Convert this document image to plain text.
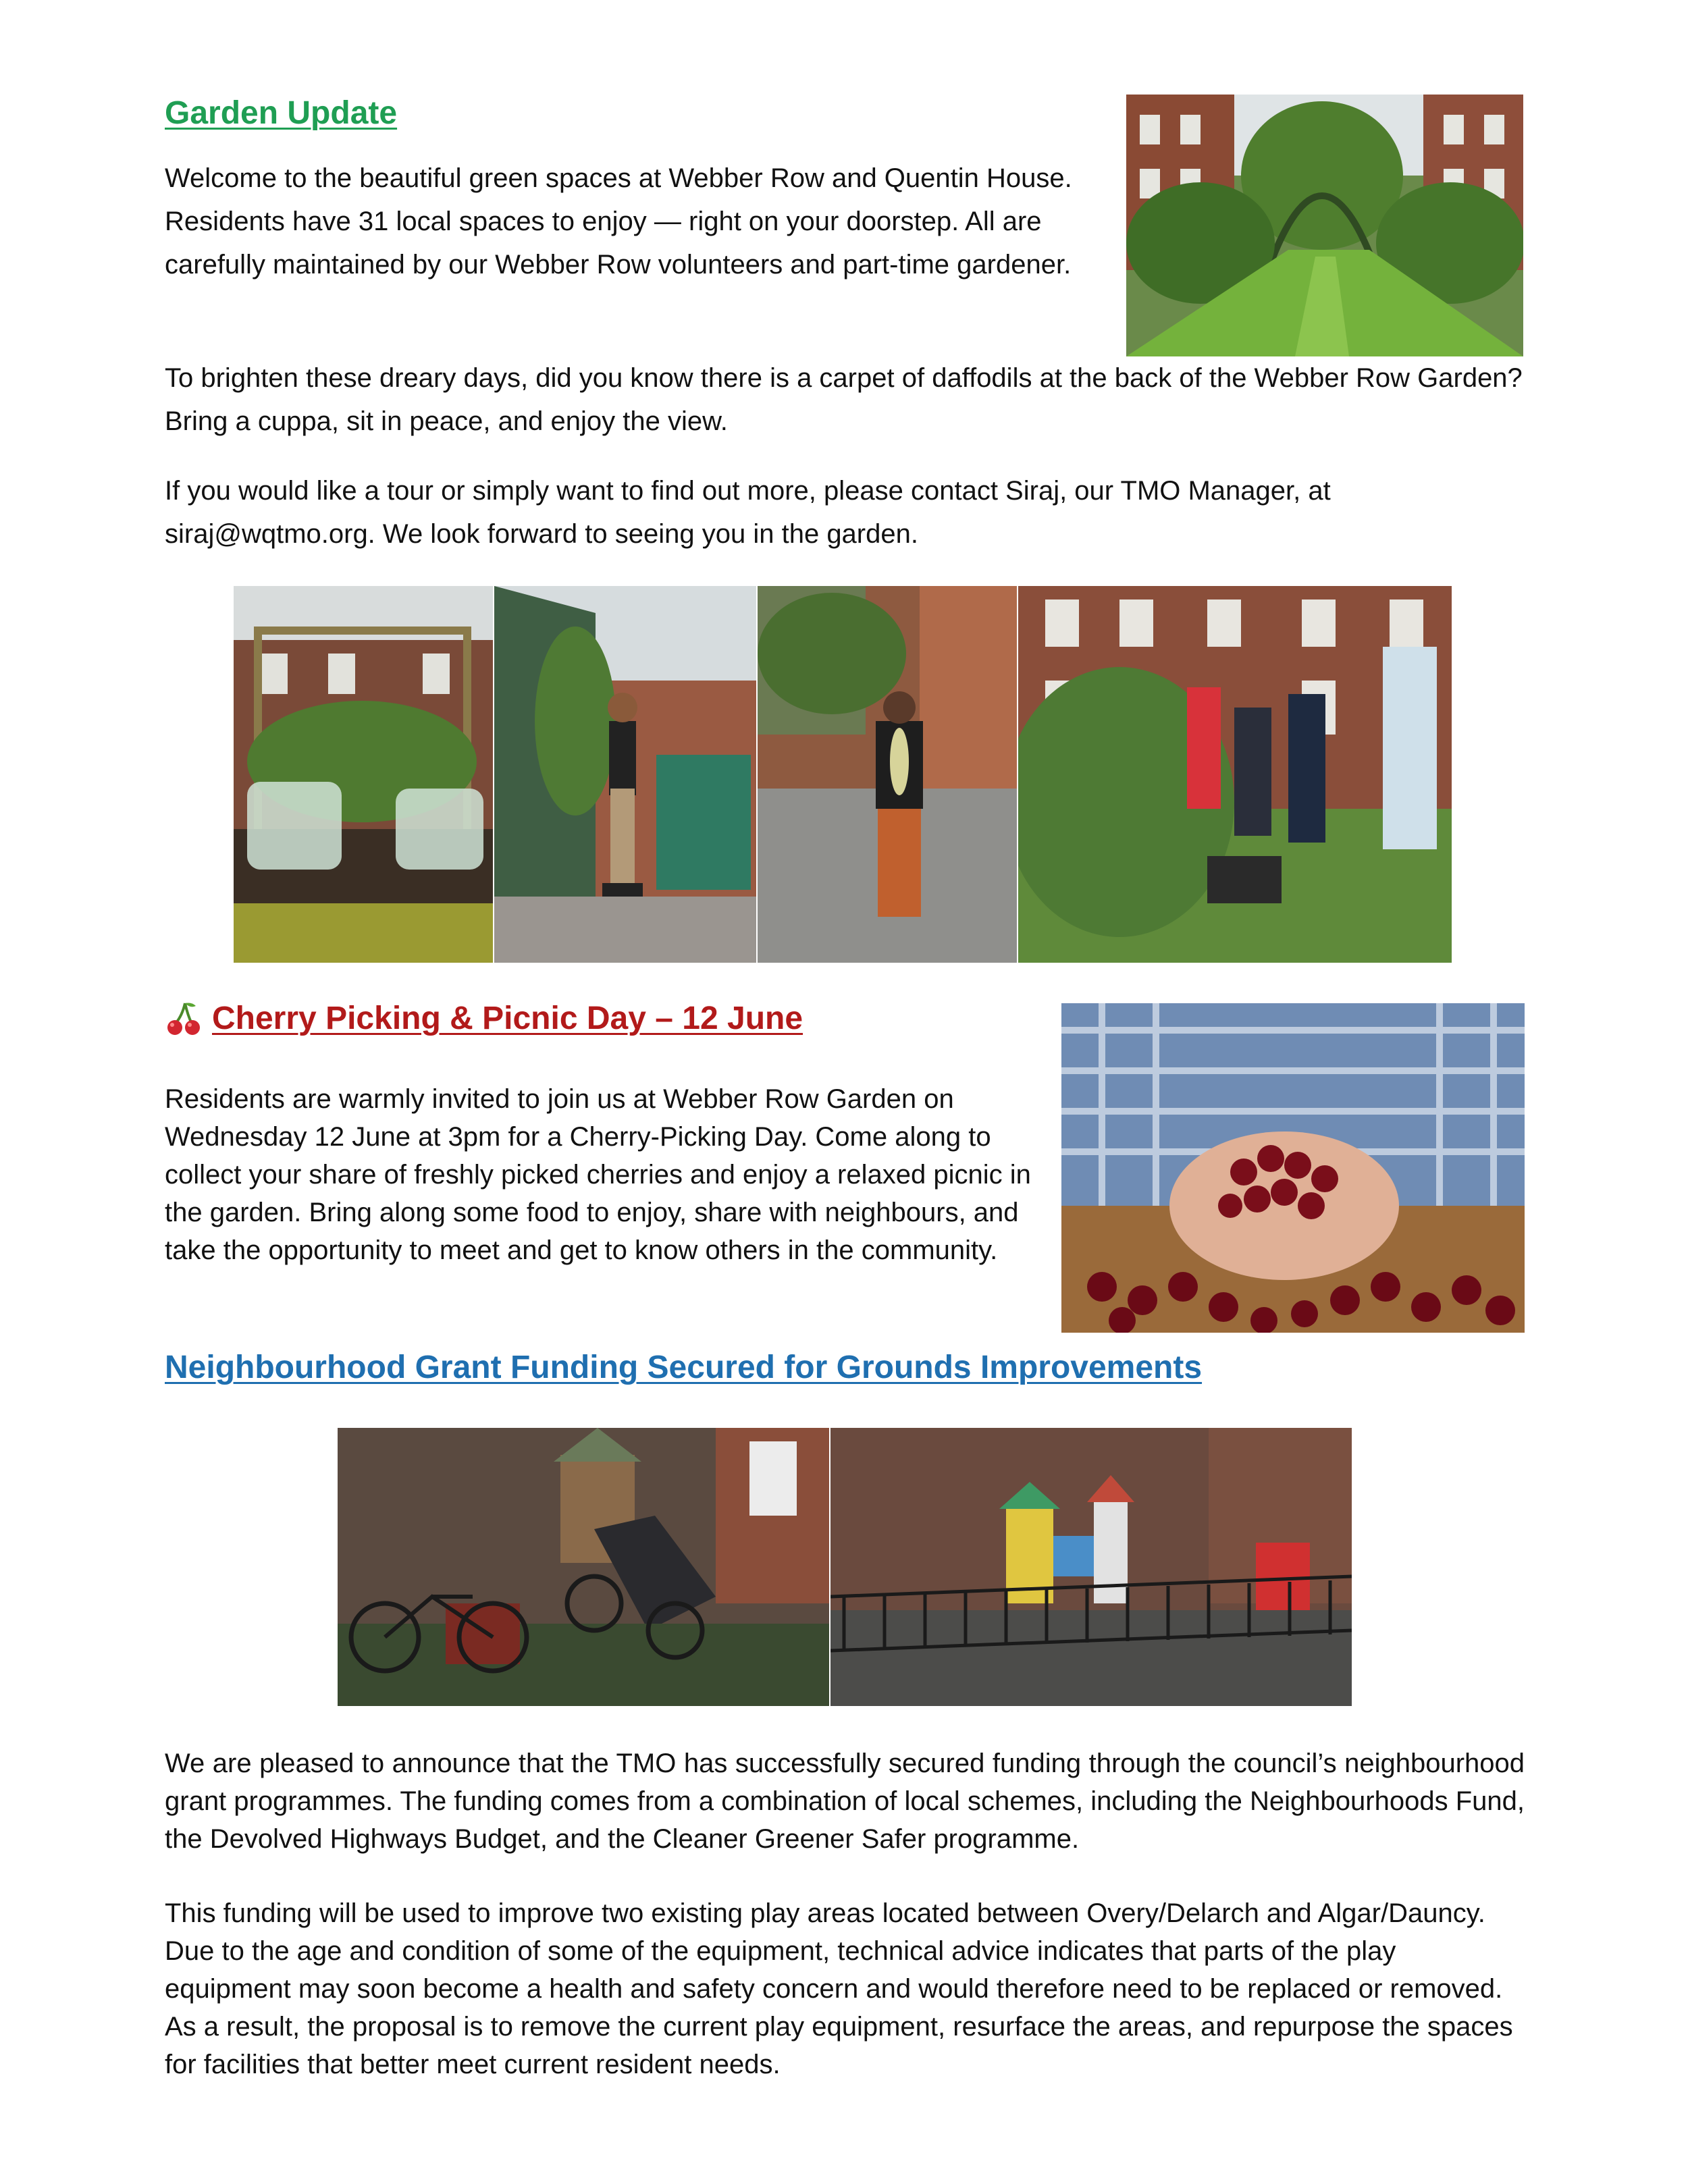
Garden Update

Welcome to the beautiful green spaces at Webber Row and Quentin House. Residents have 31 local spaces to enjoy — right on your doorstep. All are carefully maintained by our Webber Row volunteers and part-time gardener.

To brighten these dreary days, did you know there is a carpet of daffodils at the back of the Webber Row Garden? Bring a cuppa, sit in peace, and enjoy the view.

If you would like a tour or simply want to find out more, please contact Siraj, our TMO Manager, at siraj@wqtmo.org. We look forward to seeing you in the garden.

Cherry Picking & Picnic Day – 12 June

Residents are warmly invited to join us at Webber Row Garden on Wednesday 12 June at 3pm for a Cherry-Picking Day. Come along to collect your share of freshly picked cherries and enjoy a relaxed picnic in the garden. Bring along some food to enjoy, share with neighbours, and take the opportunity to meet and get to know others in the community.

Neighbourhood Grant Funding Secured for Grounds Improvements

We are pleased to announce that the TMO has successfully secured funding through the council’s neighbourhood grant programmes. The funding comes from a combination of local schemes, including the Neighbourhoods Fund, the Devolved Highways Budget, and the Cleaner Greener Safer programme.

This funding will be used to improve two existing play areas located between Overy/Delarch and Algar/Dauncy. Due to the age and condition of some of the equipment, technical advice indicates that parts of the play equipment may soon become a health and safety concern and would therefore need to be replaced or removed. As a result, the proposal is to remove the current play equipment, resurface the areas, and repurpose the spaces for facilities that better meet current resident needs.
